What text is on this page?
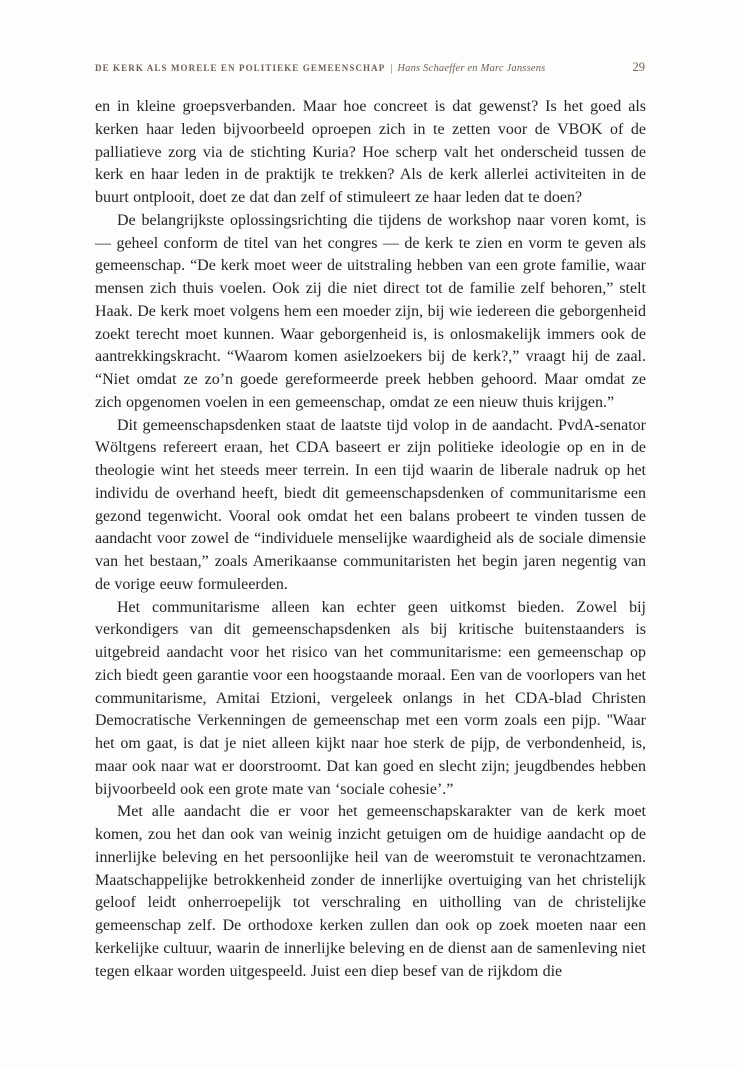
DE KERK ALS MORELE EN POLITIEKE GEMEENSCHAP | Hans Schaeffer en Marc Janssens	29

en in kleine groepsverbanden. Maar hoe concreet is dat gewenst? Is het goed als kerken haar leden bijvoorbeeld oproepen zich in te zetten voor de VBOK of de palliatieve zorg via de stichting Kuria? Hoe scherp valt het onderscheid tussen de kerk en haar leden in de praktijk te trekken? Als de kerk allerlei activiteiten in de buurt ontplooit, doet ze dat dan zelf of stimuleert ze haar leden dat te doen?

De belangrijkste oplossingsrichting die tijdens de workshop naar voren komt, is — geheel conform de titel van het congres — de kerk te zien en vorm te geven als gemeenschap. “De kerk moet weer de uitstraling hebben van een grote familie, waar mensen zich thuis voelen. Ook zij die niet direct tot de familie zelf behoren,” stelt Haak. De kerk moet volgens hem een moeder zijn, bij wie iedereen die geborgenheid zoekt terecht moet kunnen. Waar geborgenheid is, is onlosmakelijk immers ook de aantrekkingskracht. “Waarom komen asielzoekers bij de kerk?,” vraagt hij de zaal. “Niet omdat ze zo’n goede gereformeerde preek hebben gehoord. Maar omdat ze zich opgenomen voelen in een gemeenschap, omdat ze een nieuw thuis krijgen.”

Dit gemeenschapsdenken staat de laatste tijd volop in de aandacht. PvdA-senator Wöltgens refereert eraan, het CDA baseert er zijn politieke ideologie op en in de theologie wint het steeds meer terrein. In een tijd waarin de liberale nadruk op het individu de overhand heeft, biedt dit gemeenschapsdenken of communitarisme een gezond tegenwicht. Vooral ook omdat het een balans probeert te vinden tussen de aandacht voor zowel de “individuele menselijke waardigheid als de sociale dimensie van het bestaan,” zoals Amerikaanse communitaristen het begin jaren negentig van de vorige eeuw formuleerden.

Het communitarisme alleen kan echter geen uitkomst bieden. Zowel bij verkondigers van dit gemeenschapsdenken als bij kritische buitenstaanders is uitgebreid aandacht voor het risico van het communitarisme: een gemeenschap op zich biedt geen garantie voor een hoogstaande moraal. Een van de voorlopers van het communitarisme, Amitai Etzioni, vergeleek onlangs in het CDA-blad Christen Democratische Verkenningen de gemeenschap met een vorm zoals een pijp. ''Waar het om gaat, is dat je niet alleen kijkt naar hoe sterk de pijp, de verbondenheid, is, maar ook naar wat er doorstroomt. Dat kan goed en slecht zijn; jeugdbendes hebben bijvoorbeeld ook een grote mate van ‘sociale cohesie’.”

Met alle aandacht die er voor het gemeenschapskarakter van de kerk moet komen, zou het dan ook van weinig inzicht getuigen om de huidige aandacht op de innerlijke beleving en het persoonlijke heil van de weeromstuit te veronachtzamen. Maatschappelijke betrokkenheid zonder de innerlijke overtuiging van het christelijk geloof leidt onherroepelijk tot verschraling en uitholling van de christelijke gemeenschap zelf. De orthodoxe kerken zullen dan ook op zoek moeten naar een kerkelijke cultuur, waarin de innerlijke beleving en de dienst aan de samenleving niet tegen elkaar worden uitgespeeld. Juist een diep besef van de rijkdom die
